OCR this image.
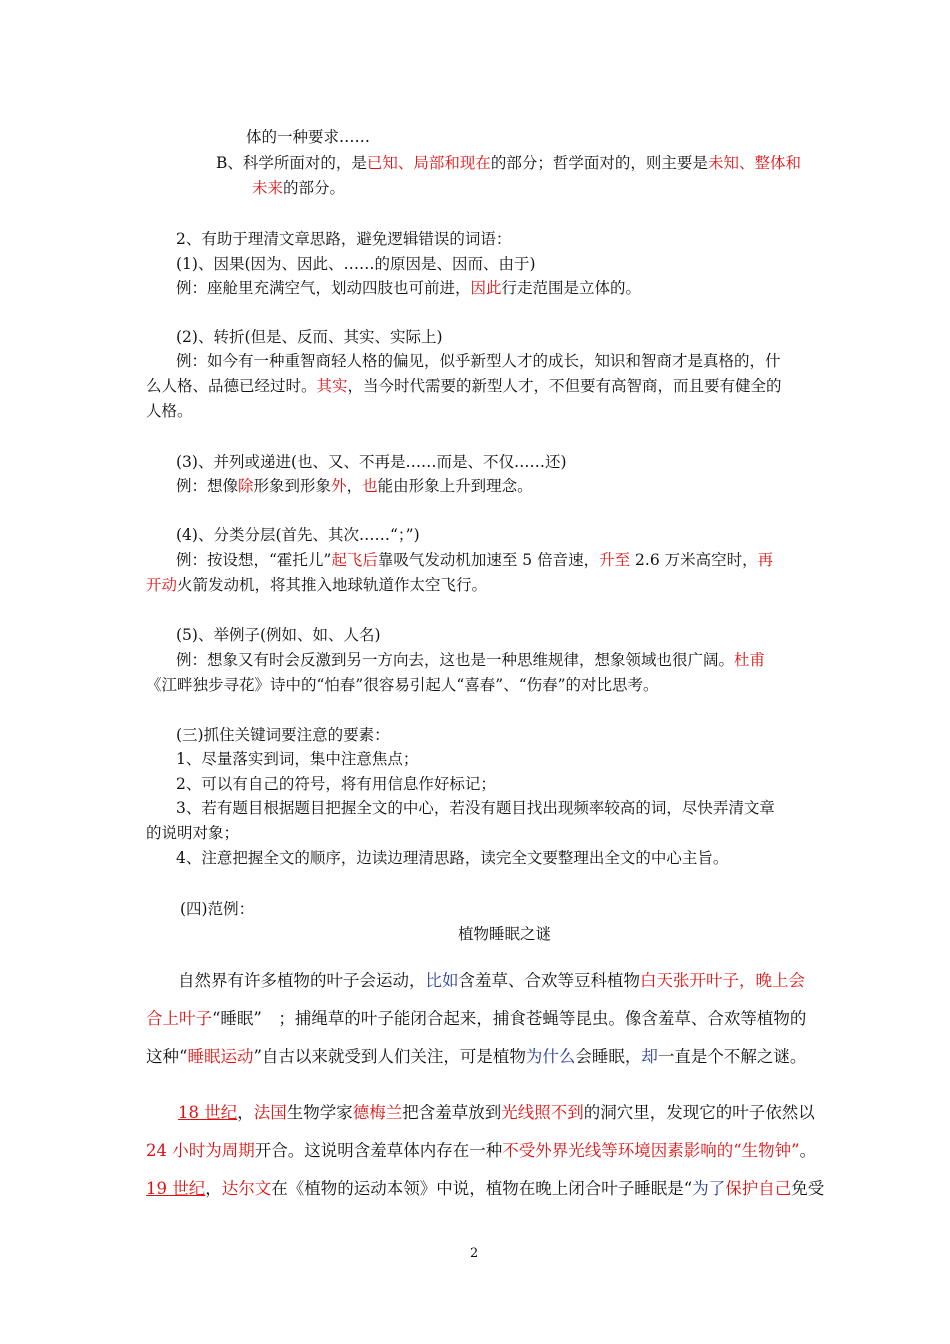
体的一种要求……
B、科学所面对的，是已知、局部和现在的部分；哲学面对的，则主要是未知、整体和
未来的部分。
2、有助于理清文章思路，避免逻辑错误的词语：
(1)、因果(因为、因此、……的原因是、因而、由于)
例：座舱里充满空气，划动四肢也可前进，因此行走范围是立体的。
(2)、转折(但是、反而、其实、实际上)
例：如今有一种重智商轻人格的偏见，似乎新型人才的成长，知识和智商才是真格的，什
么人格、品德已经过时。其实，当今时代需要的新型人才，不但要有高智商，而且要有健全的
人格。
(3)、并列或递进(也、又、不再是……而是、不仅……还)
例：想像除形象到形象外，也能由形象上升到理念。
(4)、分类分层(首先、其次……“；”)
例：按设想，“霍托儿”起飞后靠吸气发动机加速至 5 倍音速，升至 2.6 万米高空时，再
开动火箭发动机，将其推入地球轨道作太空飞行。
(5)、举例子(例如、如、人名)
例：想象又有时会反激到另一方向去，这也是一种思维规律，想象领域也很广阔。杜甫
《江畔独步寻花》诗中的“怕春”很容易引起人“喜春”、“伤春”的对比思考。
(三)抓住关键词要注意的要素：
1、尽量落实到词，集中注意焦点；
2、可以有自己的符号，将有用信息作好标记；
3、若有题目根据题目把握全文的中心，若没有题目找出现频率较高的词，尽快弄清文章
的说明对象；
4、注意把握全文的顺序，边读边理清思路，读完全文要整理出全文的中心主旨。
(四)范例：
植物睡眠之谜
自然界有许多植物的叶子会运动，比如含羞草、合欢等豆科植物白天张开叶子，晚上会
合上叶子“睡眠”　；捕绳草的叶子能闭合起来，捕食苍蝇等昆虫。像含羞草、合欢等植物的
这种“睡眠运动”自古以来就受到人们关注，可是植物为什么会睡眠，却一直是个不解之谜。
18 世纪，法国生物学家德梅兰把含羞草放到光线照不到的洞穴里，发现它的叶子依然以
24 小时为周期开合。这说明含羞草体内存在一种不受外界光线等环境因素影响的“生物钟”。
19 世纪，达尔文在《植物的运动本领》中说，植物在晚上闭合叶子睡眠是“为了保护自己免受
2
